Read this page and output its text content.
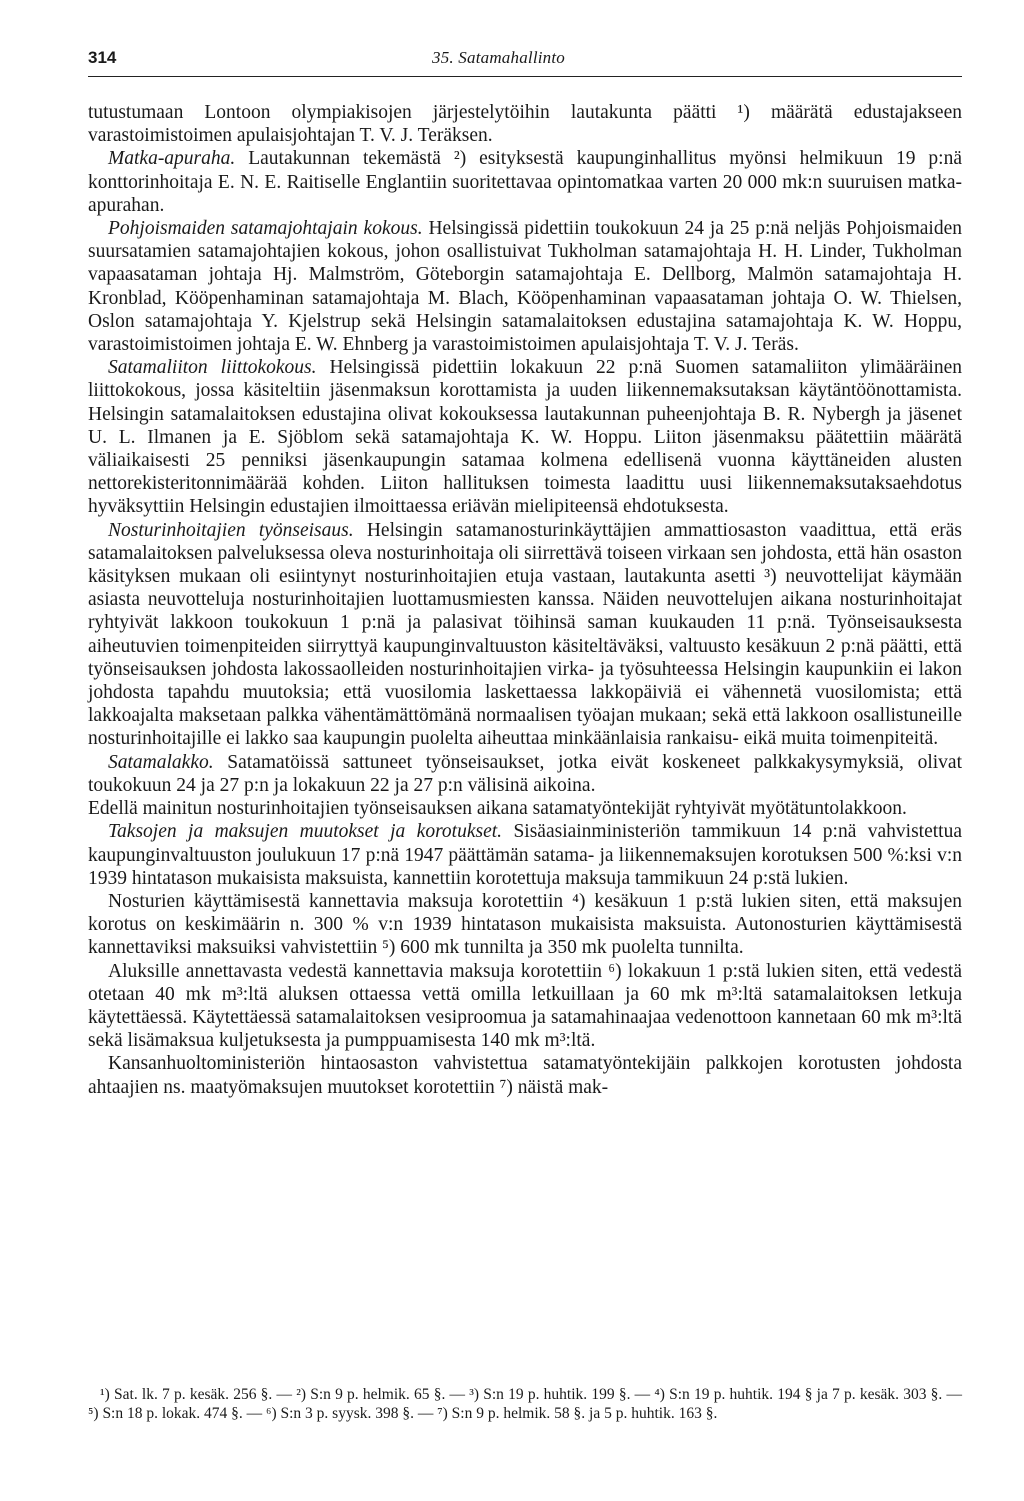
314	35. Satamahallinto

tutustumaan Lontoon olympiakisojen järjestelytöihin lautakunta päätti ¹) määrätä edustajakseen varastoimistoimen apulaisjohtajan T. V. J. Teräksen.

Matka-apuraha. Lautakunnan tekemästä ²) esityksestä kaupunginhallitus myönsi helmikuun 19 p:nä konttorinhoitaja E. N. E. Raitiselle Englantiin suoritettavaa opintomatkaa varten 20 000 mk:n suuruisen matka-apurahan.

Pohjoismaiden satamajohtajain kokous. Helsingissä pidettiin toukokuun 24 ja 25 p:nä neljäs Pohjoismaiden suursatamien satamajohtajien kokous, johon osallistuivat Tukholman satamajohtaja H. H. Linder, Tukholman vapaasataman johtaja Hj. Malmström, Göteborgin satamajohtaja E. Dellborg, Malmön satamajohtaja H. Kronblad, Kööpenhaminan satamajohtaja M. Blach, Kööpenhaminan vapaasataman johtaja O. W. Thielsen, Oslon satamajohtaja Y. Kjelstrup sekä Helsingin satamalaitoksen edustajina satamajohtaja K. W. Hoppu, varastoimistoimen johtaja E. W. Ehnberg ja varastoimistoimen apulaisjohtaja T. V. J. Teräs.

Satamaliiton liittokokous. Helsingissä pidettiin lokakuun 22 p:nä Suomen satamaliiton ylimääräinen liittokokous, jossa käsiteltiin jäsenmaksun korottamista ja uuden liikennemaksutaksan käytäntöönottamista. Helsingin satamalaitoksen edustajina olivat kokouksessa lautakunnan puheenjohtaja B. R. Nybergh ja jäsenet U. L. Ilmanen ja E. Sjöblom sekä satamajohtaja K. W. Hoppu. Liiton jäsenmaksu päätettiin määrätä väliaikaisesti 25 penniksi jäsenkaupungin satamaa kolmena edellisenä vuonna käyttäneiden alusten nettorekisteritonnimäärää kohden. Liiton hallituksen toimesta laadittu uusi liikennemaksutaksaehdotus hyväksyttiin Helsingin edustajien ilmoittaessa eriävän mielipiteensä ehdotuksesta.

Nosturinhoitajien työnseisaus. Helsingin satamanosturinkäyttäjien ammattiosaston vaadittua, että eräs satamalaitoksen palveluksessa oleva nosturinhoitaja oli siirrettävä toiseen virkaan sen johdosta, että hän osaston käsityksen mukaan oli esiintynyt nosturinhoitajien etuja vastaan, lautakunta asetti ³) neuvottelijat käymään asiasta neuvotteluja nosturinhoitajien luottamusmiesten kanssa. Näiden neuvottelujen aikana nosturinhoitajat ryhtyivät lakkoon toukokuun 1 p:nä ja palasivat töihinsä saman kuukauden 11 p:nä. Työnseisauksesta aiheutuvien toimenpiteiden siirryttyä kaupunginvaltuuston käsiteltäväksi, valtuusto kesäkuun 2 p:nä päätti, että työnseisauksen johdosta lakossaolleiden nosturinhoitajien virka- ja työsuhteessa Helsingin kaupunkiin ei lakon johdosta tapahdu muutoksia; että vuosilomia laskettaessa lakkopäiviä ei vähennetä vuosilomista; että lakkoajalta maksetaan palkka vähentämättömänä normaalisen työajan mukaan; sekä että lakkoon osallistuneille nosturinhoitajille ei lakko saa kaupungin puolelta aiheuttaa minkäänlaisia rankaisu- eikä muita toimenpiteitä.

Satamalakko. Satamatöissä sattuneet työnseisaukset, jotka eivät koskeneet palkkakysymyksiä, olivat toukokuun 24 ja 27 p:n ja lokakuun 22 ja 27 p:n välisinä aikoina.

Edellä mainitun nosturinhoitajien työnseisauksen aikana satamatyöntekijät ryhtyivät myötätuntolakkoon.

Taksojen ja maksujen muutokset ja korotukset. Sisäasiainministeriön tammikuun 14 p:nä vahvistettua kaupunginvaltuuston joulukuun 17 p:nä 1947 päättämän satama- ja liikennemaksujen korotuksen 500 %:ksi v:n 1939 hintatason mukaisista maksuista, kannettiin korotettuja maksuja tammikuun 24 p:stä lukien.

Nosturien käyttämisestä kannettavia maksuja korotettiin ⁴) kesäkuun 1 p:stä lukien siten, että maksujen korotus on keskimäärin n. 300 % v:n 1939 hintatason mukaisista maksuista. Autonosturien käyttämisestä kannettaviksi maksuiksi vahvistettiin ⁵) 600 mk tunnilta ja 350 mk puolelta tunnilta.

Aluksille annettavasta vedestä kannettavia maksuja korotettiin ⁶) lokakuun 1 p:stä lukien siten, että vedestä otetaan 40 mk m³:ltä aluksen ottaessa vettä omilla letkuillaan ja 60 mk m³:ltä satamalaitoksen letkuja käytettäessä. Käytettäessä satamalaitoksen vesiproomua ja satamahinaajaa vedenottoon kannetaan 60 mk m³:ltä sekä lisämaksua kuljetuksesta ja pumppuamisesta 140 mk m³:ltä.

Kansanhuoltoministeriön hintaosaston vahvistettua satamatyöntekijäin palkkojen korotusten johdosta ahtaajien ns. maatyömaksujen muutokset korotettiin ⁷) näistä mak-

¹) Sat. lk. 7 p. kesäk. 256 §. — ²) S:n 9 p. helmik. 65 §. — ³) S:n 19 p. huhtik. 199 §. — ⁴) S:n 19 p. huhtik. 194 § ja 7 p. kesäk. 303 §. — ⁵) S:n 18 p. lokak. 474 §. — ⁶) S:n 3 p. syysk. 398 §. — ⁷) S:n 9 p. helmik. 58 §. ja 5 p. huhtik. 163 §.
